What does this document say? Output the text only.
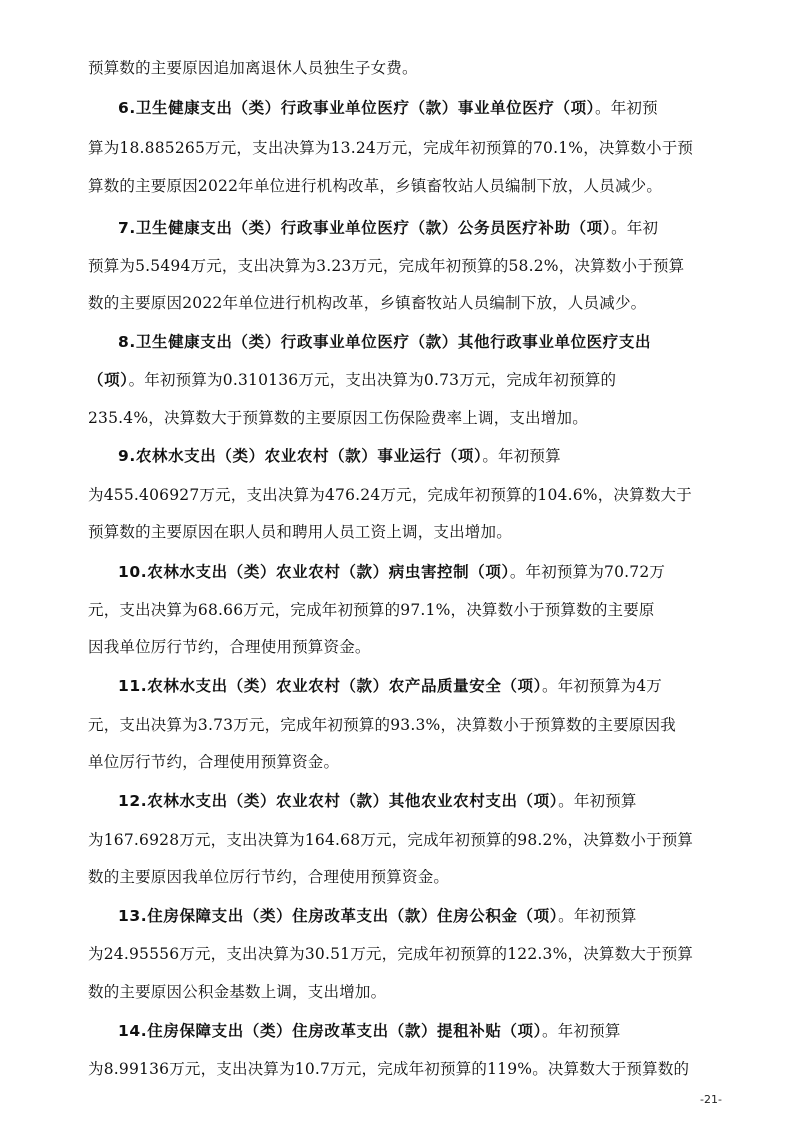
预算数的主要原因追加离退休人员独生子女费。
6.卫生健康支出（类）行政事业单位医疗（款）事业单位医疗（项）。年初预
算为18.885265万元，支出决算为13.24万元，完成年初预算的70.1%，决算数小于预
算数的主要原因2022年单位进行机构改革，乡镇畜牧站人员编制下放，人员减少。
7.卫生健康支出（类）行政事业单位医疗（款）公务员医疗补助（项）。年初
预算为5.5494万元，支出决算为3.23万元，完成年初预算的58.2%，决算数小于预算
数的主要原因2022年单位进行机构改革，乡镇畜牧站人员编制下放，人员减少。
8.卫生健康支出（类）行政事业单位医疗（款）其他行政事业单位医疗支出
（项）。年初预算为0.310136万元，支出决算为0.73万元，完成年初预算的
235.4%，决算数大于预算数的主要原因工伤保险费率上调，支出增加。
9.农林水支出（类）农业农村（款）事业运行（项）。年初预算
为455.406927万元，支出决算为476.24万元，完成年初预算的104.6%，决算数大于
预算数的主要原因在职人员和聘用人员工资上调，支出增加。
10.农林水支出（类）农业农村（款）病虫害控制（项）。年初预算为70.72万
元，支出决算为68.66万元，完成年初预算的97.1%，决算数小于预算数的主要原
因我单位厉行节约，合理使用预算资金。
11.农林水支出（类）农业农村（款）农产品质量安全（项）。年初预算为4万
元，支出决算为3.73万元，完成年初预算的93.3%，决算数小于预算数的主要原因我
单位厉行节约，合理使用预算资金。
12.农林水支出（类）农业农村（款）其他农业农村支出（项）。年初预算
为167.6928万元，支出决算为164.68万元，完成年初预算的98.2%，决算数小于预算
数的主要原因我单位厉行节约，合理使用预算资金。
13.住房保障支出（类）住房改革支出（款）住房公积金（项）。年初预算
为24.95556万元，支出决算为30.51万元，完成年初预算的122.3%，决算数大于预算
数的主要原因公积金基数上调，支出增加。
14.住房保障支出（类）住房改革支出（款）提租补贴（项）。年初预算
为8.99136万元，支出决算为10.7万元，完成年初预算的119%。决算数大于预算数的
-21-
